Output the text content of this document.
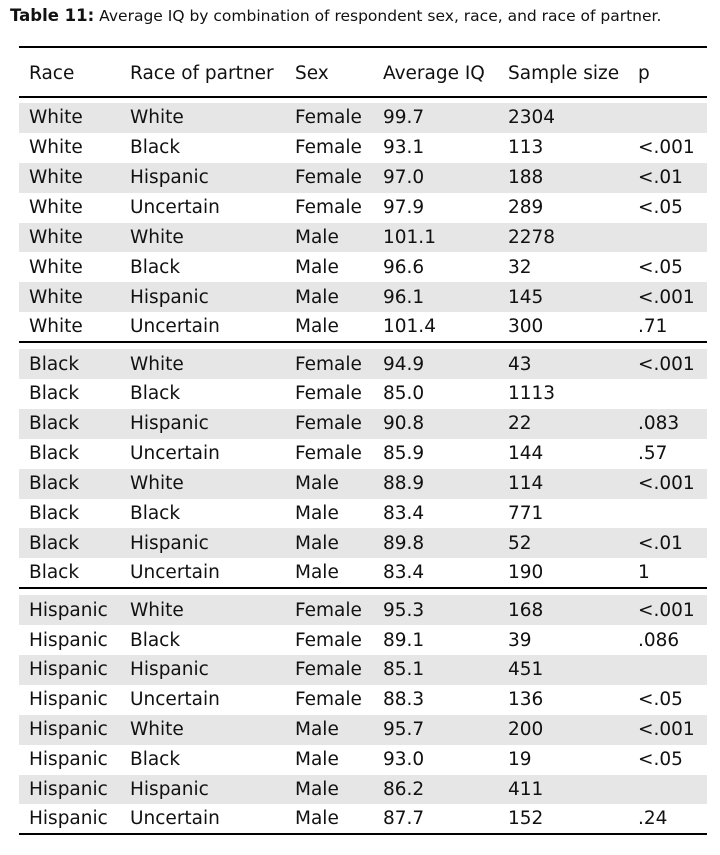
Table 11: Average IQ by combination of respondent sex, race, and race of partner.
Race	Race of partner	Sex	Average IQ	Sample size	p

White	White	Female	99.7	2304	
White	Black	Female	93.1	113	<.001
White	Hispanic	Female	97.0	188	<.01
White	Uncertain	Female	97.9	289	<.05
White	White	Male	101.1	2278	
White	Black	Male	96.6	32	<.05
White	Hispanic	Male	96.1	145	<.001
White	Uncertain	Male	101.4	300	.71

Black	White	Female	94.9	43	<.001
Black	Black	Female	85.0	1113	
Black	Hispanic	Female	90.8	22	.083
Black	Uncertain	Female	85.9	144	.57
Black	White	Male	88.9	114	<.001
Black	Black	Male	83.4	771	
Black	Hispanic	Male	89.8	52	<.01
Black	Uncertain	Male	83.4	190	1

Hispanic	White	Female	95.3	168	<.001
Hispanic	Black	Female	89.1	39	.086
Hispanic	Hispanic	Female	85.1	451	
Hispanic	Uncertain	Female	88.3	136	<.05
Hispanic	White	Male	95.7	200	<.001
Hispanic	Black	Male	93.0	19	<.05
Hispanic	Hispanic	Male	86.2	411	
Hispanic	Uncertain	Male	87.7	152	.24
